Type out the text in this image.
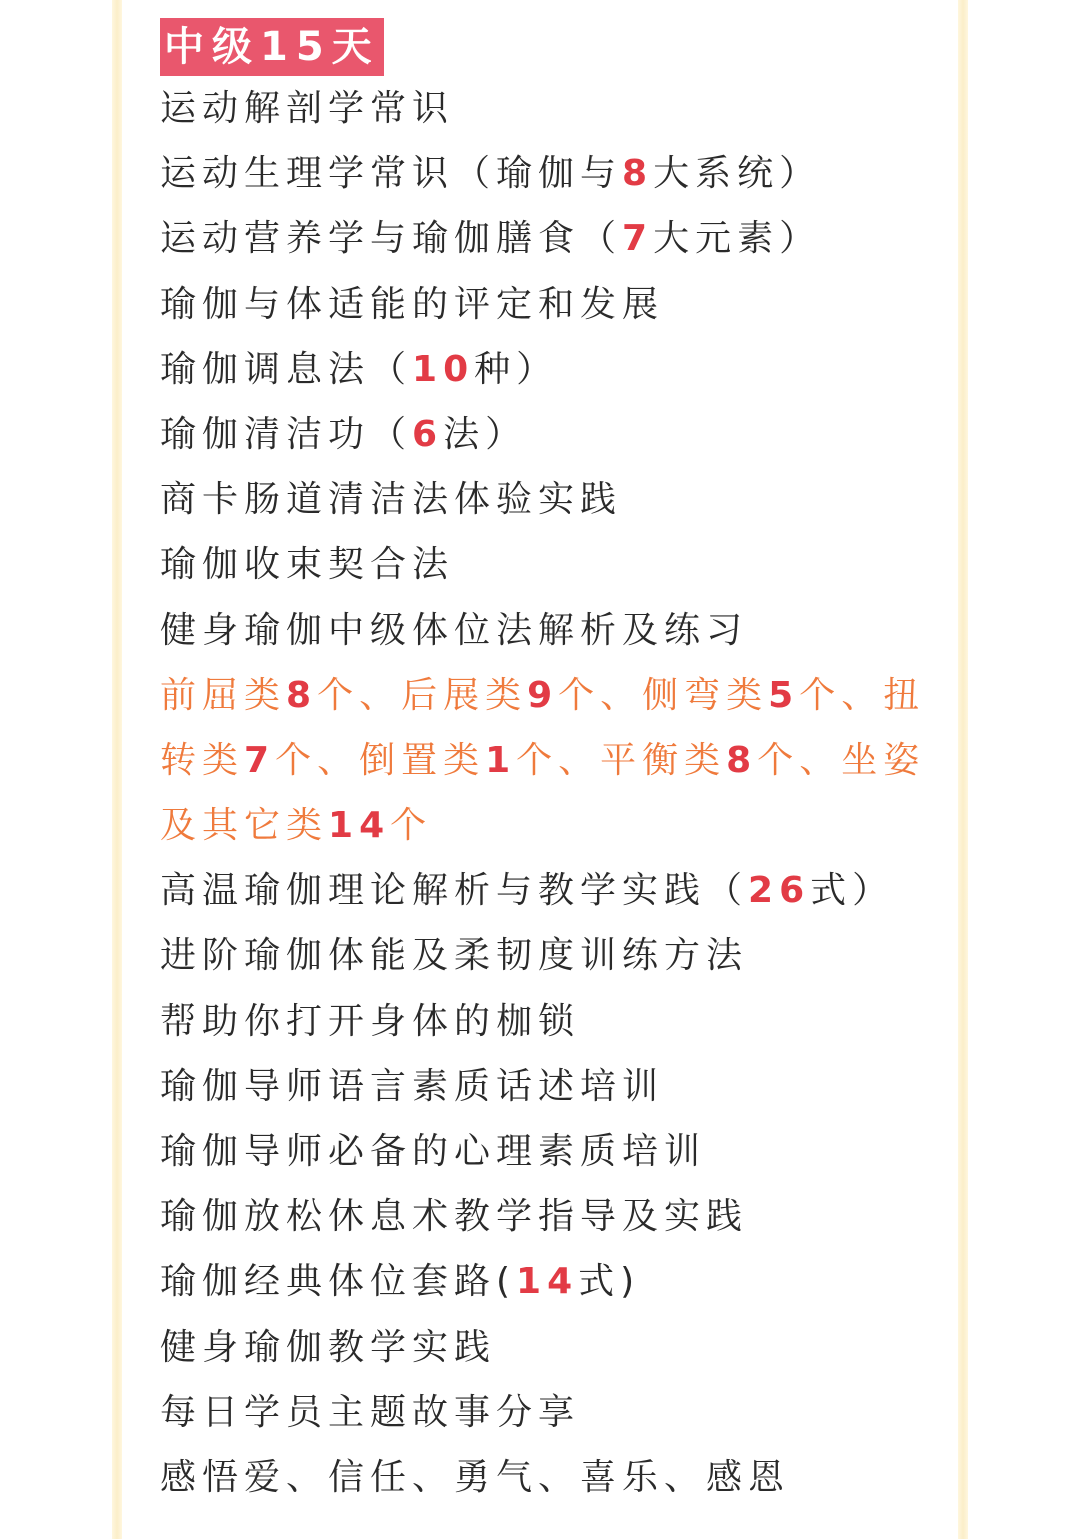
中级15天
运动解剖学常识
运动生理学常识（瑜伽与8大系统）
运动营养学与瑜伽膳食（7大元素）
瑜伽与体适能的评定和发展
瑜伽调息法（10种）
瑜伽清洁功（6法）
商卡肠道清洁法体验实践
瑜伽收束契合法
健身瑜伽中级体位法解析及练习
前屈类8个、后展类9个、侧弯类5个、扭
转类7个、倒置类1个、平衡类8个、坐姿
及其它类14个
高温瑜伽理论解析与教学实践（26式）
进阶瑜伽体能及柔韧度训练方法
帮助你打开身体的枷锁
瑜伽导师语言素质话述培训
瑜伽导师必备的心理素质培训
瑜伽放松休息术教学指导及实践
瑜伽经典体位套路(14式)
健身瑜伽教学实践
每日学员主题故事分享
感悟爱、信任、勇气、喜乐、感恩
